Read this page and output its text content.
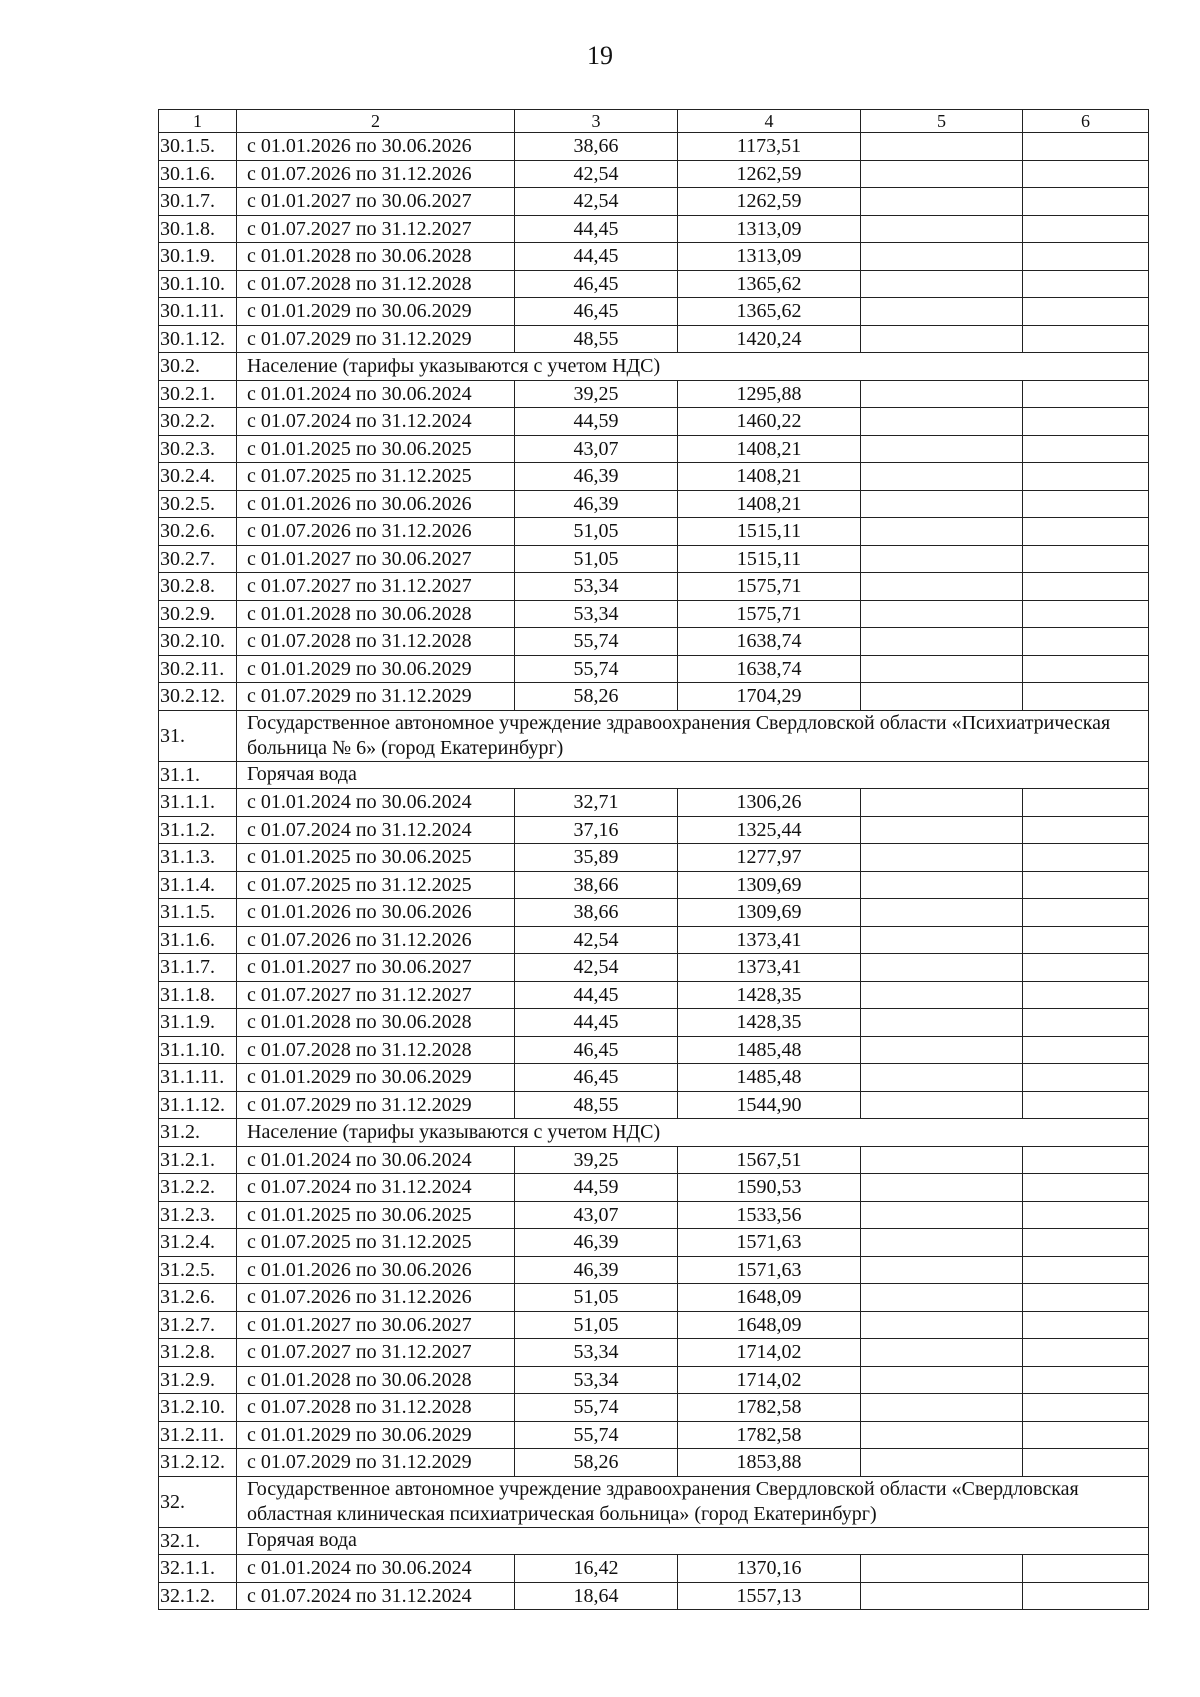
19
1	2	3	4	5	6
30.1.5.	с 01.01.2026 по 30.06.2026	38,66	1173,51		
30.1.6.	с 01.07.2026 по 31.12.2026	42,54	1262,59		
30.1.7.	с 01.01.2027 по 30.06.2027	42,54	1262,59		
30.1.8.	с 01.07.2027 по 31.12.2027	44,45	1313,09		
30.1.9.	с 01.01.2028 по 30.06.2028	44,45	1313,09		
30.1.10.	с 01.07.2028 по 31.12.2028	46,45	1365,62		
30.1.11.	с 01.01.2029 по 30.06.2029	46,45	1365,62		
30.1.12.	с 01.07.2029 по 31.12.2029	48,55	1420,24		
30.2.	Население (тарифы указываются с учетом НДС)				
30.2.1.	с 01.01.2024 по 30.06.2024	39,25	1295,88		
30.2.2.	с 01.07.2024 по 31.12.2024	44,59	1460,22		
30.2.3.	с 01.01.2025 по 30.06.2025	43,07	1408,21		
30.2.4.	с 01.07.2025 по 31.12.2025	46,39	1408,21		
30.2.5.	с 01.01.2026 по 30.06.2026	46,39	1408,21		
30.2.6.	с 01.07.2026 по 31.12.2026	51,05	1515,11		
30.2.7.	с 01.01.2027 по 30.06.2027	51,05	1515,11		
30.2.8.	с 01.07.2027 по 31.12.2027	53,34	1575,71		
30.2.9.	с 01.01.2028 по 30.06.2028	53,34	1575,71		
30.2.10.	с 01.07.2028 по 31.12.2028	55,74	1638,74		
30.2.11.	с 01.01.2029 по 30.06.2029	55,74	1638,74		
30.2.12.	с 01.07.2029 по 31.12.2029	58,26	1704,29		
31.	Государственное автономное учреждение здравоохранения Свердловской области «Психиатрическая больница № 6» (город Екатеринбург)				
31.1.	Горячая вода				
31.1.1.	с 01.01.2024 по 30.06.2024	32,71	1306,26		
31.1.2.	с 01.07.2024 по 31.12.2024	37,16	1325,44		
31.1.3.	с 01.01.2025 по 30.06.2025	35,89	1277,97		
31.1.4.	с 01.07.2025 по 31.12.2025	38,66	1309,69		
31.1.5.	с 01.01.2026 по 30.06.2026	38,66	1309,69		
31.1.6.	с 01.07.2026 по 31.12.2026	42,54	1373,41		
31.1.7.	с 01.01.2027 по 30.06.2027	42,54	1373,41		
31.1.8.	с 01.07.2027 по 31.12.2027	44,45	1428,35		
31.1.9.	с 01.01.2028 по 30.06.2028	44,45	1428,35		
31.1.10.	с 01.07.2028 по 31.12.2028	46,45	1485,48		
31.1.11.	с 01.01.2029 по 30.06.2029	46,45	1485,48		
31.1.12.	с 01.07.2029 по 31.12.2029	48,55	1544,90		
31.2.	Население (тарифы указываются с учетом НДС)				
31.2.1.	с 01.01.2024 по 30.06.2024	39,25	1567,51		
31.2.2.	с 01.07.2024 по 31.12.2024	44,59	1590,53		
31.2.3.	с 01.01.2025 по 30.06.2025	43,07	1533,56		
31.2.4.	с 01.07.2025 по 31.12.2025	46,39	1571,63		
31.2.5.	с 01.01.2026 по 30.06.2026	46,39	1571,63		
31.2.6.	с 01.07.2026 по 31.12.2026	51,05	1648,09		
31.2.7.	с 01.01.2027 по 30.06.2027	51,05	1648,09		
31.2.8.	с 01.07.2027 по 31.12.2027	53,34	1714,02		
31.2.9.	с 01.01.2028 по 30.06.2028	53,34	1714,02		
31.2.10.	с 01.07.2028 по 31.12.2028	55,74	1782,58		
31.2.11.	с 01.01.2029 по 30.06.2029	55,74	1782,58		
31.2.12.	с 01.07.2029 по 31.12.2029	58,26	1853,88		
32.	Государственное автономное учреждение здравоохранения Свердловской области «Свердловская областная клиническая психиатрическая больница» (город Екатеринбург)				
32.1.	Горячая вода				
32.1.1.	с 01.01.2024 по 30.06.2024	16,42	1370,16		
32.1.2.	с 01.07.2024 по 31.12.2024	18,64	1557,13		
